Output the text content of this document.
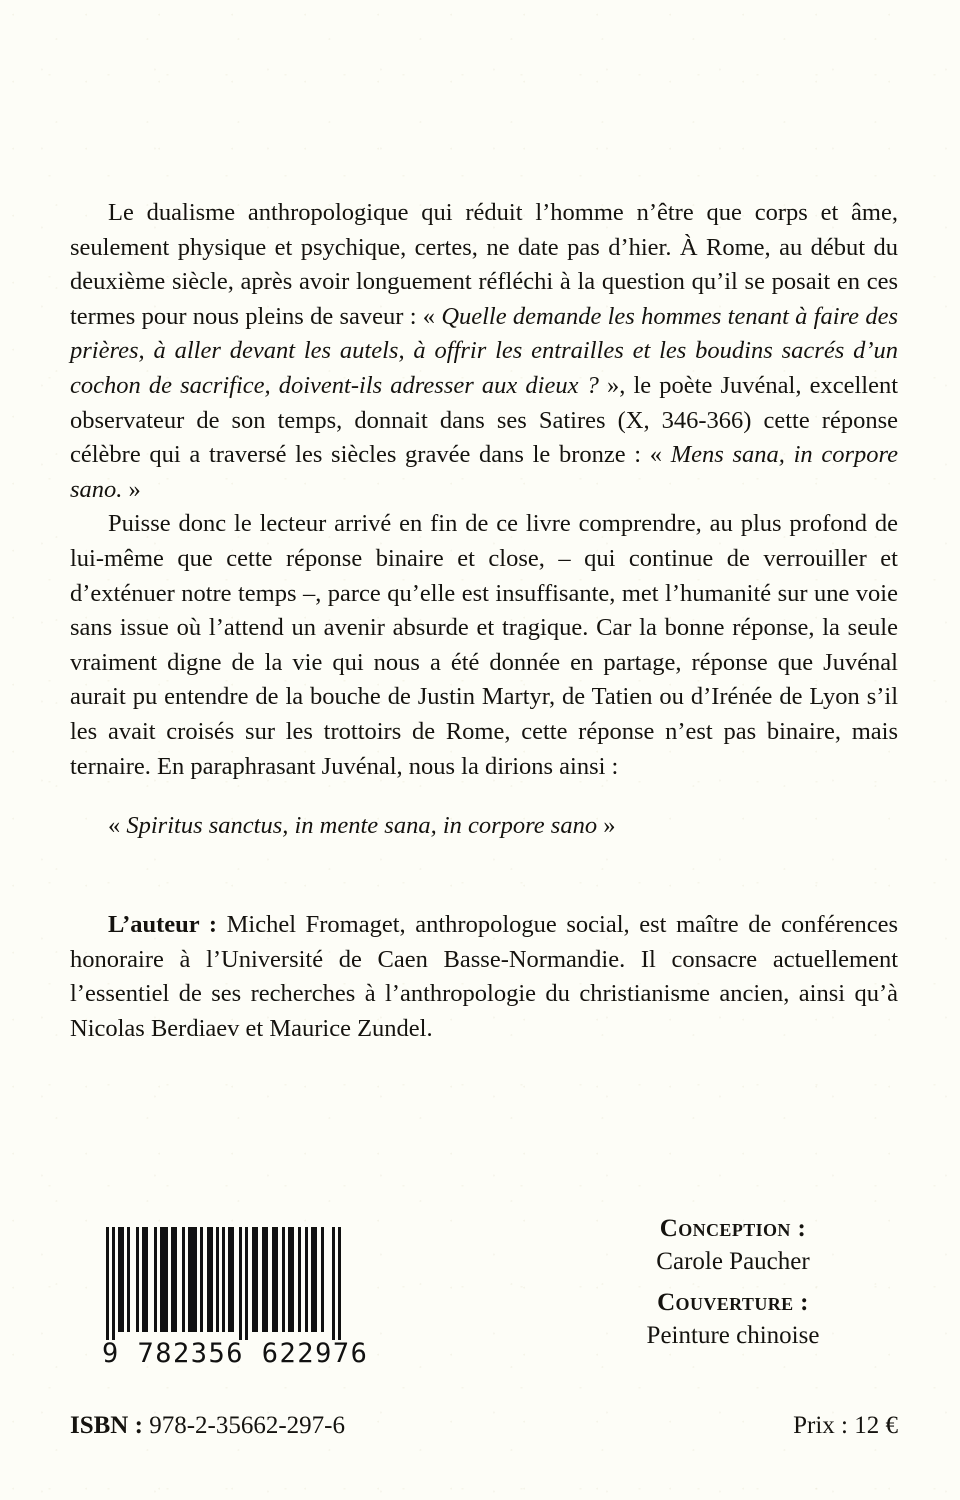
Le dualisme anthropologique qui réduit l’homme n’être que corps et âme, seulement physique et psychique, certes, ne date pas d’hier. À Rome, au début du deuxième siècle, après avoir longuement réfléchi à la question qu’il se posait en ces termes pour nous pleins de saveur : « Quelle demande les hommes tenant à faire des prières, à aller devant les autels, à offrir les entrailles et les boudins sacrés d’un cochon de sacrifice, doivent-ils adresser aux dieux ? », le poète Juvénal, excellent observateur de son temps, donnait dans ses Satires (X, 346-366) cette réponse célèbre qui a traversé les siècles gravée dans le bronze : « Mens sana, in corpore sano. »

Puisse donc le lecteur arrivé en fin de ce livre comprendre, au plus profond de lui-même que cette réponse binaire et close, – qui continue de verrouiller et d’exténuer notre temps –, parce qu’elle est insuffisante, met l’humanité sur une voie sans issue où l’attend un avenir absurde et tragique. Car la bonne réponse, la seule vraiment digne de la vie qui nous a été donnée en partage, réponse que Juvénal aurait pu entendre de la bouche de Justin Martyr, de Tatien ou d’Irénée de Lyon s’il les avait croisés sur les trottoirs de Rome, cette réponse n’est pas binaire, mais ternaire. En paraphrasant Juvénal, nous la dirions ainsi :

« Spiritus sanctus, in mente sana, in corpore sano »
L’auteur : Michel Fromaget, anthropologue social, est maître de conférences honoraire à l’Université de Caen Basse-Normandie. Il consacre actuellement l’essentiel de ses recherches à l’anthropologie du christianisme ancien, ainsi qu’à Nicolas Berdiaev et Maurice Zundel.
9 782356 622976
Conception :
Carole Paucher
Couverture :
Peinture chinoise
ISBN : 978-2-35662-297-6	Prix : 12 €
